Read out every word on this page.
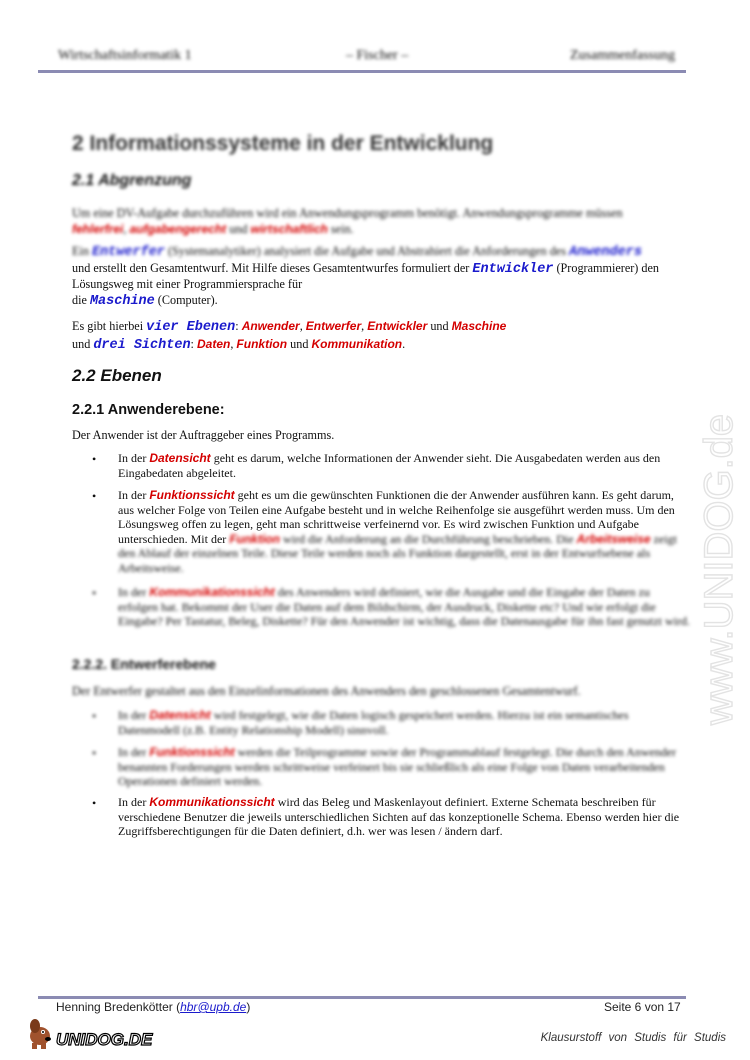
Wirtschaftsinformatik 1	– Fischer –	Zusammenfassung
2 Informationssysteme in der Entwicklung
2.1 Abgrenzung
Um eine DV-Aufgabe durchzuführen wird ein Anwendungsprogramm benötigt. Anwendungsprogramme müssen
fehlerfrei, aufgabengerecht und wirtschaftlich sein.
Ein Entwerfer (Systemanalytiker) analysiert die Aufgabe und Abstrahiert die Anforderungen des Anwenders
und erstellt den Gesamtentwurf. Mit Hilfe dieses Gesamtentwurfes formuliert der Entwickler (Programmierer) den Lösungsweg mit einer Programmiersprache für
die Maschine (Computer).
Es gibt hierbei vier Ebenen: Anwender, Entwerfer, Entwickler und Maschine
und drei Sichten: Daten, Funktion und Kommunikation.
2.2 Ebenen
2.2.1 Anwenderebene:
Der Anwender ist der Auftraggeber eines Programms.
• In der Datensicht geht es darum, welche Informationen der Anwender sieht. Die Ausgabedaten werden aus den Eingabedaten abgeleitet.
• In der Funktionssicht geht es um die gewünschten Funktionen die der Anwender ausführen kann. Es geht darum, aus welcher Folge von Teilen eine Aufgabe besteht und in welche Reihenfolge sie ausgeführt werden muss. Um den Lösungsweg offen zu legen, geht man schrittweise verfeinernd vor. Es wird zwischen Funktion und Aufgabe unterschieden. Mit der Funktion wird die Anforderung an die Durchführung beschrieben. Die Arbeitsweise zeigt den Ablauf der einzelnen Teile. Diese Teile werden noch als Funktion dargestellt, erst in der Entwurfsebene als Arbeitsweise.
• In der Kommunikationssicht des Anwenders wird definiert, wie die Ausgabe und die Eingabe der Daten zu erfolgen hat. Bekommt der User die Daten auf dem Bildschirm, der Ausdruck, Diskette etc? Und wie erfolgt die Eingabe? Per Tastatur, Beleg, Diskette? Für den Anwender ist wichtig, dass die Datenausgabe für ihn fast genutzt wird.
2.2.2. Entwerferebene
Der Entwerfer gestaltet aus den Einzelinformationen des Anwenders den geschlossenen Gesamtentwurf.
• In der Datensicht wird festgelegt, wie die Daten logisch gespeichert werden. Hierzu ist ein semantisches Datenmodell (z.B. Entity Relationship Modell) sinnvoll.
• In der Funktionssicht werden die Teilprogramme sowie der Programmablauf festgelegt. Die durch den Anwender benannten Forderungen werden schrittweise verfeinert bis sie schließlich als eine Folge von Daten verarbeitenden Operationen definiert werden.
• In der Kommunikationssicht wird das Beleg und Maskenlayout definiert. Externe Schemata beschreiben für verschiedene Benutzer die jeweils unterschiedlichen Sichten auf das konzeptionelle Schema. Ebenso werden hier die Zugriffsberechtigungen für die Daten definiert, d.h. wer was lesen / ändern darf.
www.UNIDOG.de
Henning Bredenkötter (hbr@upb.de)	Seite 6 von 17
UNIDOG.DE	Klausurstoff von Studis für Studis
